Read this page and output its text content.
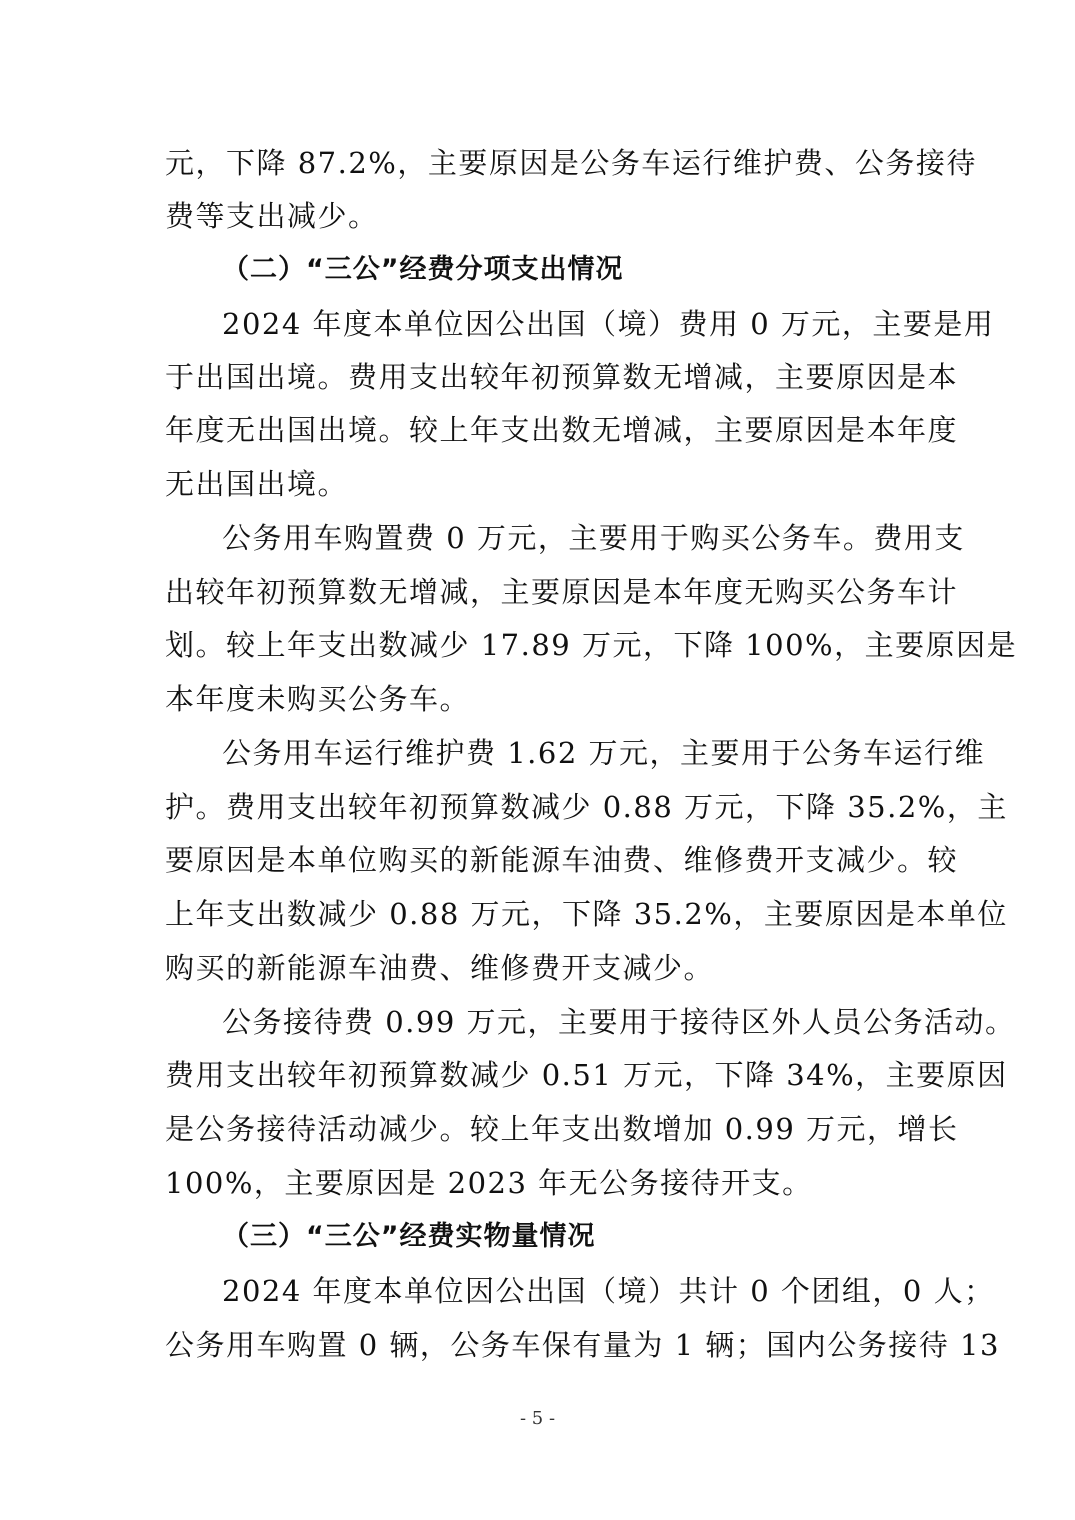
元，下降 87.2%，主要原因是公务车运行维护费、公务接待
费等支出减少。
（二）“三公”经费分项支出情况
2024 年度本单位因公出国（境）费用 0 万元，主要是用
于出国出境。费用支出较年初预算数无增减，主要原因是本
年度无出国出境。较上年支出数无增减，主要原因是本年度
无出国出境。
公务用车购置费 0 万元，主要用于购买公务车。费用支
出较年初预算数无增减，主要原因是本年度无购买公务车计
划。较上年支出数减少 17.89 万元，下降 100%，主要原因是
本年度未购买公务车。
公务用车运行维护费 1.62 万元，主要用于公务车运行维
护。费用支出较年初预算数减少 0.88 万元，下降 35.2%，主
要原因是本单位购买的新能源车油费、维修费开支减少。较
上年支出数减少 0.88 万元，下降 35.2%，主要原因是本单位
购买的新能源车油费、维修费开支减少。
公务接待费 0.99 万元，主要用于接待区外人员公务活动。
费用支出较年初预算数减少 0.51 万元，下降 34%，主要原因
是公务接待活动减少。较上年支出数增加 0.99 万元，增长
100%，主要原因是 2023 年无公务接待开支。
（三）“三公”经费实物量情况
2024 年度本单位因公出国（境）共计 0 个团组，0 人；
公务用车购置 0 辆，公务车保有量为 1 辆；国内公务接待 13
- 5 -
